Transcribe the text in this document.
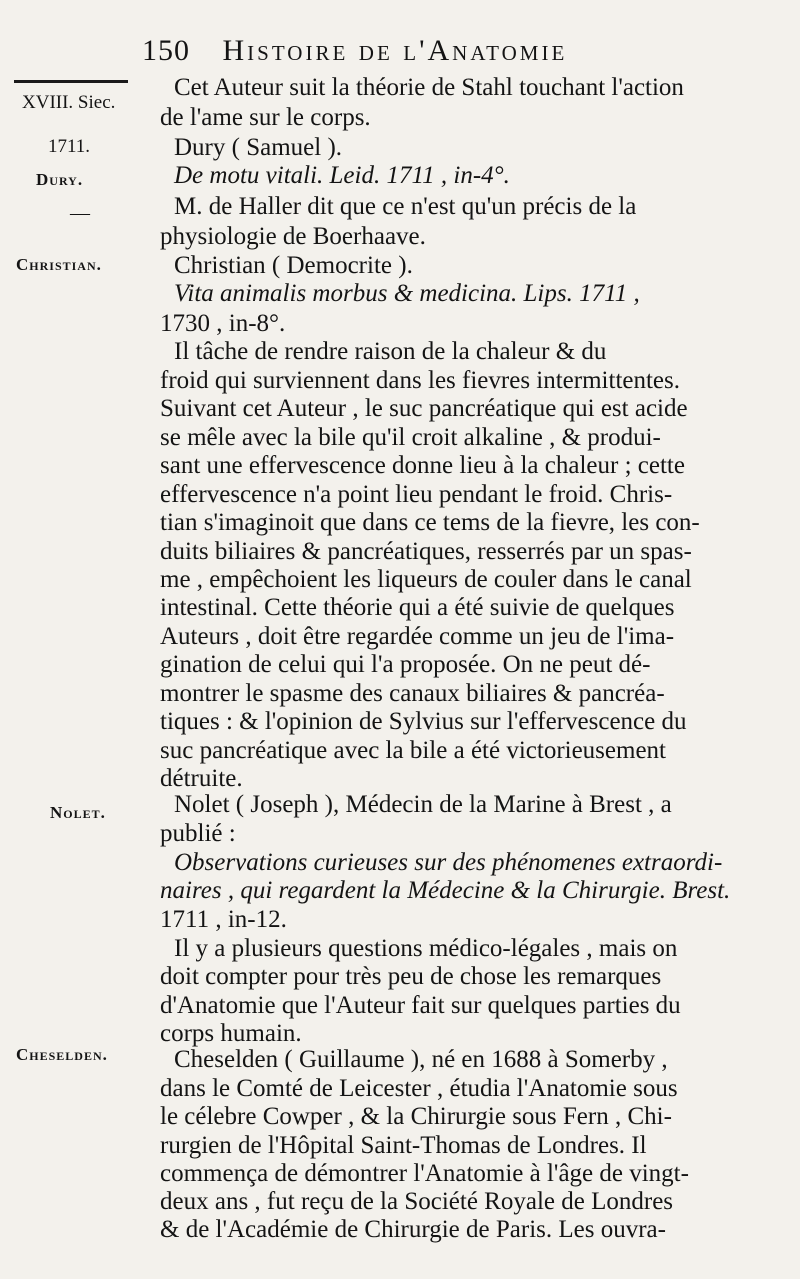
150 Histoire de l'Anatomie
XVIII. Siec.
1711.
Dury.
—
Christian.
Nolet.
Cheselden.
Cet Auteur suit la théorie de Stahl touchant l'action
de l'ame sur le corps.
Dury ( Samuel ).
De motu vitali. Leid. 1711 , in-4°.
M. de Haller dit que ce n'est qu'un précis de la
physiologie de Boerhaave.
Christian ( Democrite ).
Vita animalis morbus & medicina. Lips. 1711 ,
1730 , in-8°.
Il tâche de rendre raison de la chaleur & du
froid qui surviennent dans les fievres intermittentes.
Suivant cet Auteur , le suc pancréatique qui est acide
se mêle avec la bile qu'il croit alkaline , & produi-
sant une effervescence donne lieu à la chaleur ; cette
effervescence n'a point lieu pendant le froid. Chris-
tian s'imaginoit que dans ce tems de la fievre, les con-
duits biliaires & pancréatiques, resserrés par un spas-
me , empêchoient les liqueurs de couler dans le canal
intestinal. Cette théorie qui a été suivie de quelques
Auteurs , doit être regardée comme un jeu de l'ima-
gination de celui qui l'a proposée. On ne peut dé-
montrer le spasme des canaux biliaires & pancréa-
tiques : & l'opinion de Sylvius sur l'effervescence du
suc pancréatique avec la bile a été victorieusement
détruite.
Nolet ( Joseph ), Médecin de la Marine à Brest , a
publié :
Observations curieuses sur des phénomenes extraordi-
naires , qui regardent la Médecine & la Chirurgie. Brest.
1711 , in-12.
Il y a plusieurs questions médico-légales , mais on
doit compter pour très peu de chose les remarques
d'Anatomie que l'Auteur fait sur quelques parties du
corps humain.
Cheselden ( Guillaume ), né en 1688 à Somerby ,
dans le Comté de Leicester , étudia l'Anatomie sous
le célebre Cowper , & la Chirurgie sous Fern , Chi-
rurgien de l'Hôpital Saint-Thomas de Londres. Il
commença de démontrer l'Anatomie à l'âge de vingt-
deux ans , fut reçu de la Société Royale de Londres
& de l'Académie de Chirurgie de Paris. Les ouvra-
